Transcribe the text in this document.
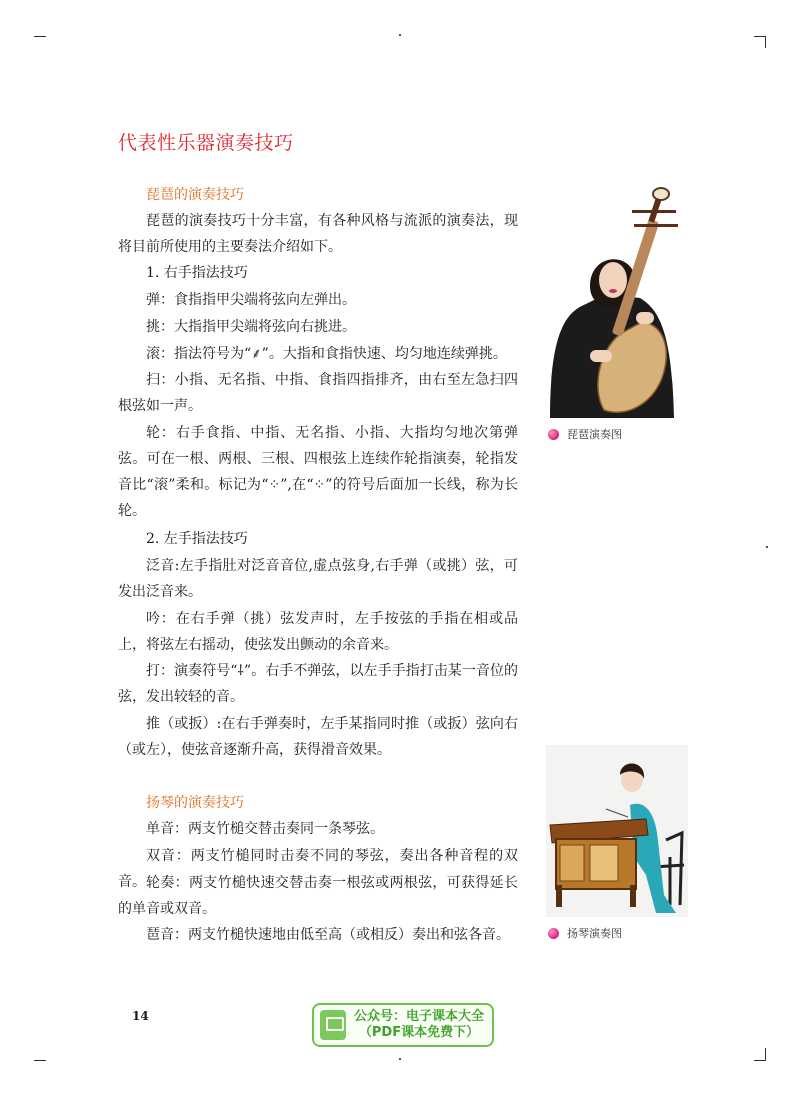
代表性乐器演奏技巧
琵琶的演奏技巧

琵琶的演奏技巧十分丰富，有各种风格与流派的演奏法，现将目前所使用的主要奏法介绍如下。

1. 右手指法技巧

弹：食指指甲尖端将弦向左弹出。

挑：大指指甲尖端将弦向右挑进。

滚：指法符号为“⸙”。大指和食指快速、均匀地连续弹挑。

扫：小指、无名指、中指、食指四指排齐，由右至左急扫四根弦如一声。

轮：右手食指、中指、无名指、小指、大指均匀地次第弹弦。可在一根、两根、三根、四根弦上连续作轮指演奏，轮指发音比“滚”柔和。标记为“⁘”,在“⁘”的符号后面加一长线，称为长轮。

2. 左手指法技巧

泛音:左手指肚对泛音音位,虚点弦身,右手弹（或挑）弦，可发出泛音来。

吟：在右手弹（挑）弦发声时，左手按弦的手指在相或品上，将弦左右摇动，使弦发出颤动的余音来。

打：演奏符号“⸸”。右手不弹弦，以左手手指打击某一音位的弦，发出较轻的音。

推（或扳）:在右手弹奏时，左手某指同时推（或扳）弦向右（或左），使弦音逐渐升高，获得滑音效果。

扬琴的演奏技巧

单音：两支竹槌交替击奏同一条琴弦。

双音：两支竹槌同时击奏不同的琴弦，奏出各种音程的双音。 轮奏：两支竹槌快速交替击奏一根弦或两根弦，可获得延长的单音或双音。

琶音：两支竹槌快速地由低至高（或相反）奏出和弦各音。

琵琶演奏图
扬琴演奏图
14	公众号：电子课本大全
（PDF课本免费下）
